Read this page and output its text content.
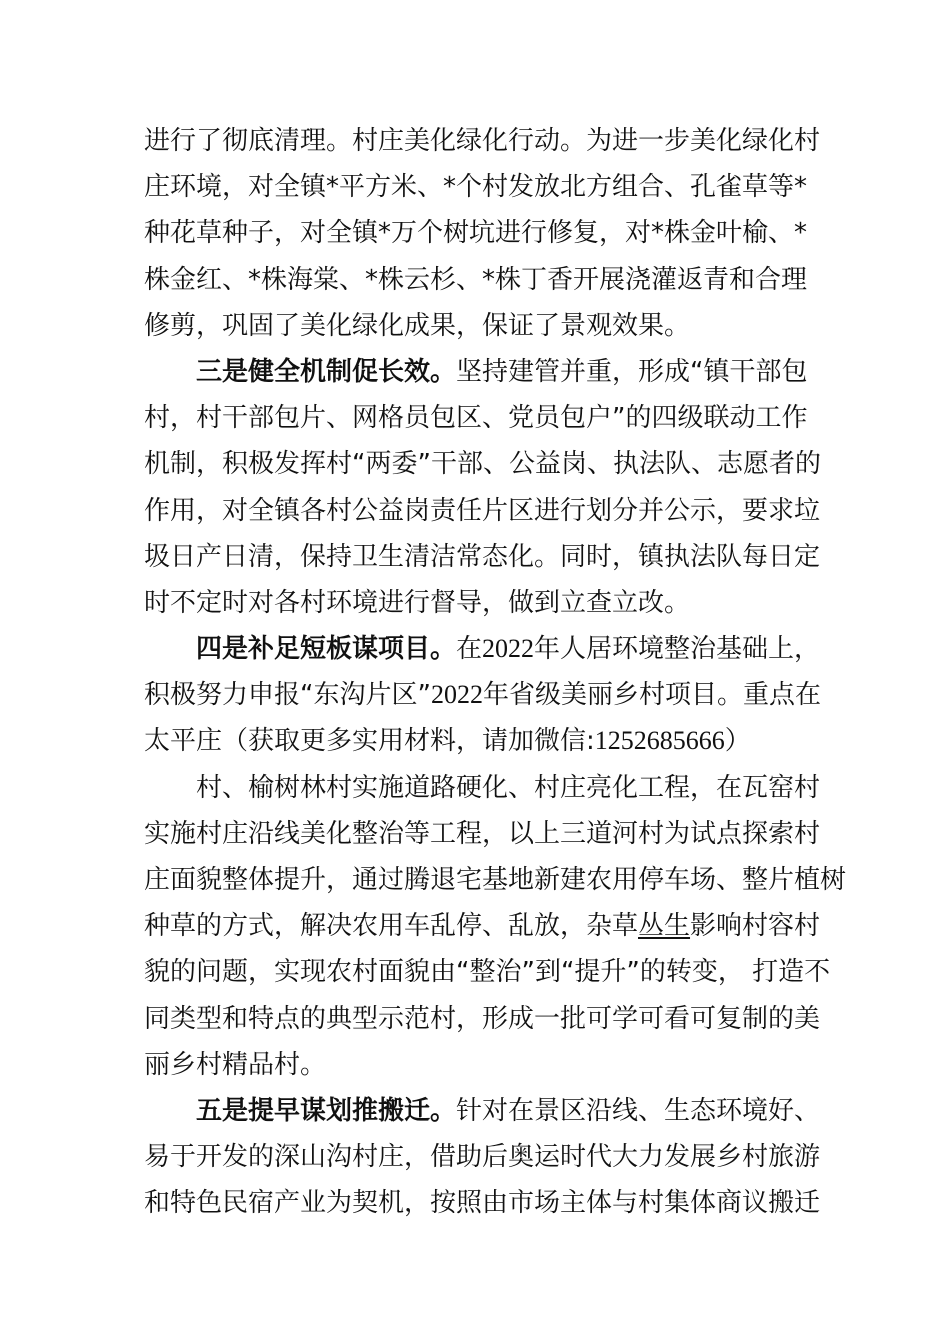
进行了彻底清理。村庄美化绿化行动。为进一步美化绿化村
庄环境，对全镇*平方米、*个村发放北方组合、孔雀草等*
种花草种子，对全镇*万个树坑进行修复，对*株金叶榆、*
株金红、*株海棠、*株云杉、*株丁香开展浇灌返青和合理
修剪，巩固了美化绿化成果，保证了景观效果。
三是健全机制促长效。坚持建管并重，形成“镇干部包
村，村干部包片、网格员包区、党员包户”的四级联动工作
机制，积极发挥村“两委”干部、公益岗、执法队、志愿者的
作用，对全镇各村公益岗责任片区进行划分并公示，要求垃
圾日产日清，保持卫生清洁常态化。同时，镇执法队每日定
时不定时对各村环境进行督导，做到立查立改。
四是补足短板谋项目。在2022年人居环境整治基础上，
积极努力申报“东沟片区”2022年省级美丽乡村项目。重点在
太平庄（获取更多实用材料，请加微信:1252685666）
村、榆树林村实施道路硬化、村庄亮化工程，在瓦窑村
实施村庄沿线美化整治等工程，以上三道河村为试点探索村
庄面貌整体提升，通过腾退宅基地新建农用停车场、整片植树
种草的方式，解决农用车乱停、乱放，杂草丛生影响村容村
貌的问题，实现农村面貌由“整治”到“提升”的转变， 打造不
同类型和特点的典型示范村，形成一批可学可看可复制的美
丽乡村精品村。
五是提早谋划推搬迁。针对在景区沿线、生态环境好、
易于开发的深山沟村庄，借助后奥运时代大力发展乡村旅游
和特色民宿产业为契机，按照由市场主体与村集体商议搬迁
